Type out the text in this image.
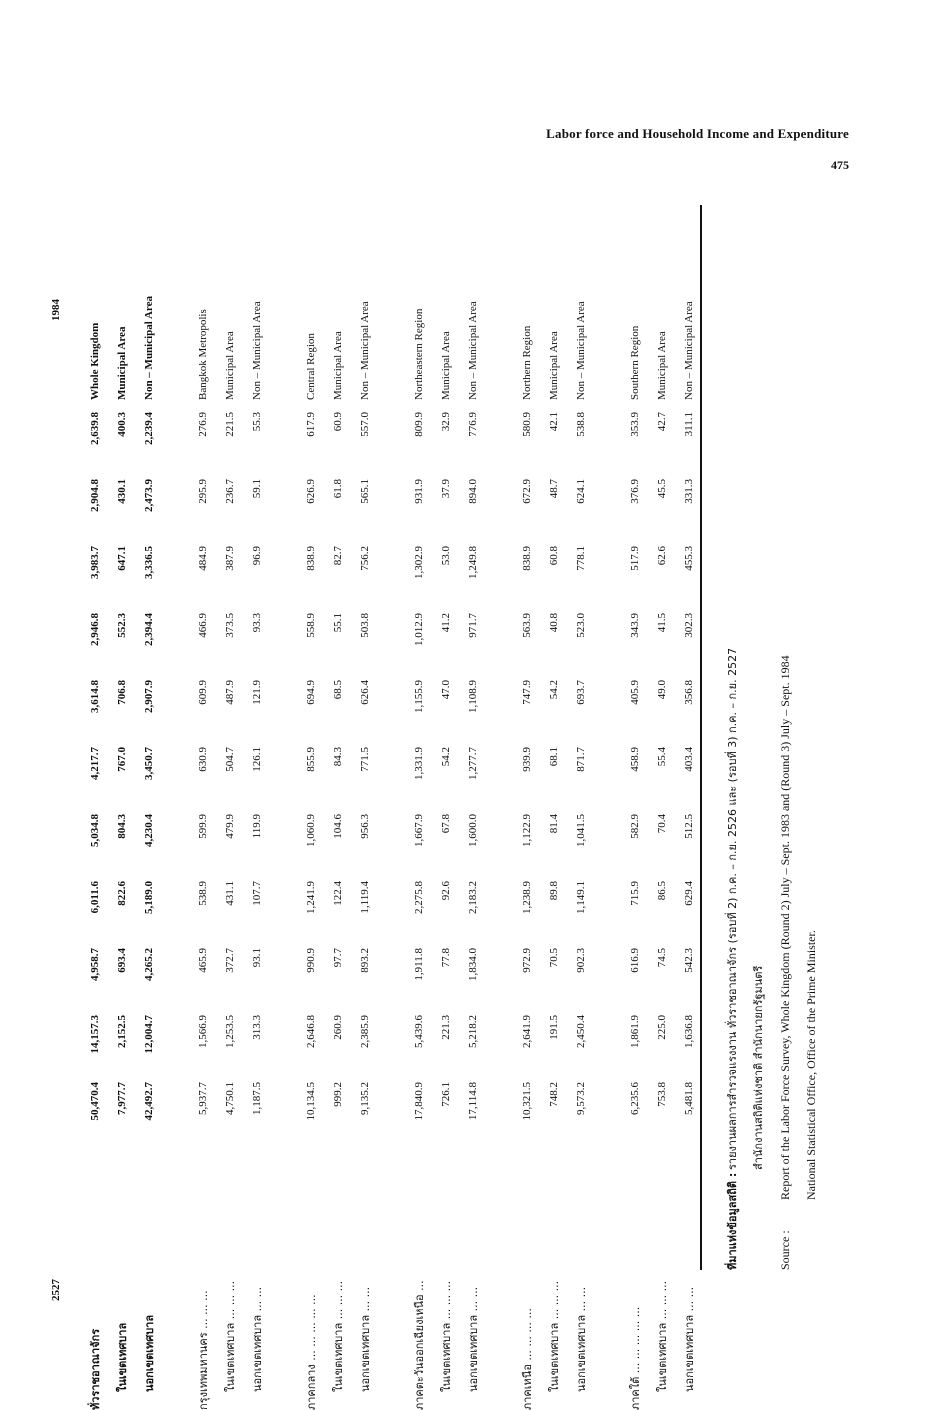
Labor force and Household Income and Expenditure
475
2527
1984
ทั่วราชอาณาจักร
50,470.4
14,157.3
4,958.7
6,011.6
5,034.8
4,217.7
3,614.8
2,946.8
3,983.7
2,904.8
2,639.8
Whole Kingdom
ในเขตเทศบาล
7,977.7
2,152.5
693.4
822.6
804.3
767.0
706.8
552.3
647.1
430.1
400.3
Municipal Area
นอกเขตเทศบาล
42,492.7
12,004.7
4,265.2
5,189.0
4,230.4
3,450.7
2,907.9
2,394.4
3,336.5
2,473.9
2,239.4
Non – Municipal Area
กรุงเทพมหานคร ... ... ...
5,937.7
1,566.9
465.9
538.9
599.9
630.9
609.9
466.9
484.9
295.9
276.9
Bangkok Metropolis
ในเขตเทศบาล ... ... ...
4,750.1
1,253.5
372.7
431.1
479.9
504.7
487.9
373.5
387.9
236.7
221.5
Municipal Area
นอกเขตเทศบาล ... ...
1,187.5
313.3
93.1
107.7
119.9
126.1
121.9
93.3
96.9
59.1
55.3
Non – Municipal Area
ภาคกลาง ... ... ... ... ...
10,134.5
2,646.8
990.9
1,241.9
1,060.9
855.9
694.9
558.9
838.9
626.9
617.9
Central Region
ในเขตเทศบาล ... ... ...
999.2
260.9
97.7
122.4
104.6
84.3
68.5
55.1
82.7
61.8
60.9
Municipal Area
นอกเขตเทศบาล ... ...
9,135.2
2,385.9
893.2
1,119.4
956.3
771.5
626.4
503.8
756.2
565.1
557.0
Non – Municipal Area
ภาคตะวันออกเฉียงเหนือ ...
17,840.9
5,439.6
1,911.8
2,275.8
1,667.9
1,331.9
1,155.9
1,012.9
1,302.9
931.9
809.9
Northeastern Region
ในเขตเทศบาล ... ... ...
726.1
221.3
77.8
92.6
67.8
54.2
47.0
41.2
53.0
37.9
32.9
Municipal Area
นอกเขตเทศบาล ... ...
17,114.8
5,218.2
1,834.0
2,183.2
1,600.0
1,277.7
1,108.9
971.7
1,249.8
894.0
776.9
Non – Municipal Area
ภาคเหนือ ... ... ... ...
10,321.5
2,641.9
972.9
1,238.9
1,122.9
939.9
747.9
563.9
838.9
672.9
580.9
Northern Region
ในเขตเทศบาล ... ... ...
748.2
191.5
70.5
89.8
81.4
68.1
54.2
40.8
60.8
48.7
42.1
Municipal Area
นอกเขตเทศบาล ... ...
9,573.2
2,450.4
902.3
1,149.1
1,041.5
871.7
693.7
523.0
778.1
624.1
538.8
Non – Municipal Area
ภาคใต้ ... ... ... ... ...
6,235.6
1,861.9
616.9
715.9
582.9
458.9
405.9
343.9
517.9
376.9
353.9
Southern Region
ในเขตเทศบาล ... ... ...
753.8
225.0
74.5
86.5
70.4
55.4
49.0
41.5
62.6
45.5
42.7
Municipal Area
นอกเขตเทศบาล ... ...
5,481.8
1,636.8
542.3
629.4
512.5
403.4
356.8
302.3
455.3
331.3
311.1
Non – Municipal Area
ที่มาแห่งข้อมูลสถิติ :รายงานผลการสำรวจแรงงาน ทั่วราชอาณาจักร (รอบที่ 2) ก.ค. – ก.ย. 2526 และ (รอบที่ 3) ก.ค. – ก.ย. 2527	สำนักงานสถิติแห่งชาติ สำนักนายกรัฐมนตรี
Source :Report of the Labor Force Survey, Whole Kingdom (Round 2) July – Sept. 1983 and (Round 3) July – Sept. 1984	National Statistical Office, Office of the Prime Minister.
